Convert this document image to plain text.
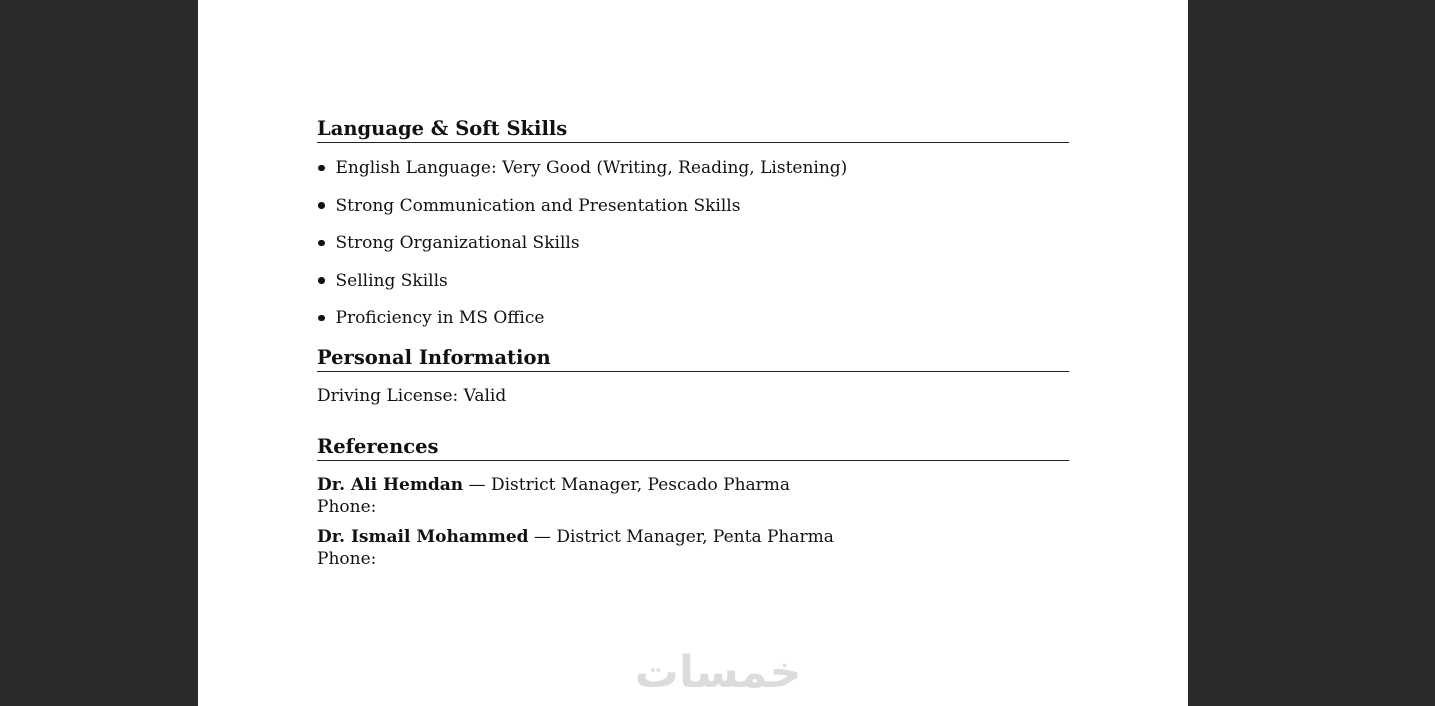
Language & Soft Skills
English Language: Very Good (Writing, Reading, Listening)
Strong Communication and Presentation Skills
Strong Organizational Skills
Selling Skills
Proficiency in MS Office
Personal Information

Driving License: Valid

References
Dr. Ali Hemdan — District Manager, Pescado Pharma
Phone:
Dr. Ismail Mohammed — District Manager, Penta Pharma
Phone:
خمسات
